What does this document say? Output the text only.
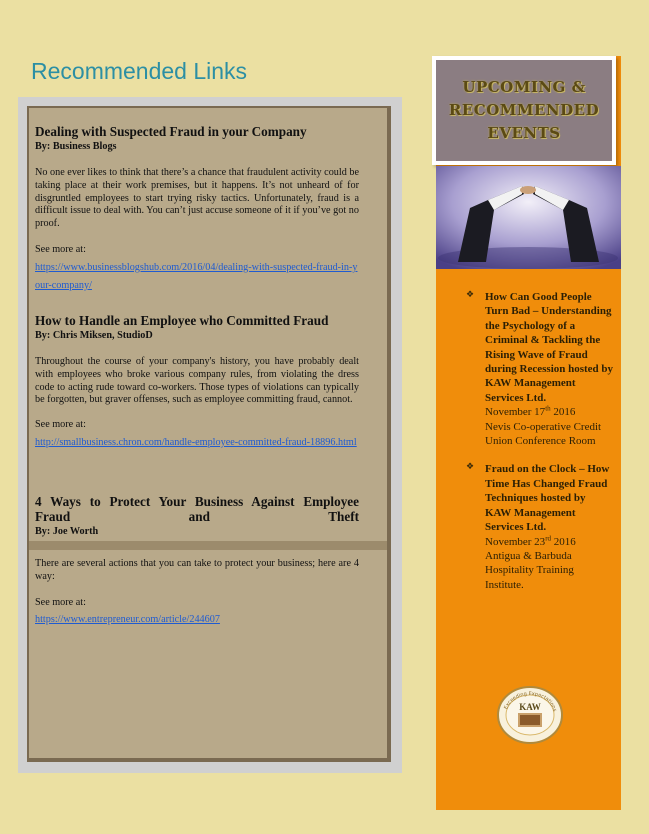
Recommended Links
Dealing with Suspected Fraud in your Company
By: Business Blogs
No one ever likes to think that there’s a chance that fraudulent activity could be taking place at their work premises, but it happens. It’s not unheard of for disgruntled employees to start trying risky tactics. Unfortunately, fraud is a difficult issue to deal with. You can’t just accuse someone of it if you’ve got no proof.
See more at:
https://www.businessblogshub.com/2016/04/dealing-with-suspected-fraud-in-your-company/
How to Handle an Employee who Committed Fraud
By: Chris Miksen, StudioD
Throughout the course of your company's history, you have probably dealt with employees who broke various company rules, from violating the dress code to acting rude toward co-workers. Those types of violations can typically be forgotten, but graver offenses, such as employee committing fraud, cannot.
See more at:
http://smallbusiness.chron.com/handle-employee-committed-fraud-18896.html
4 Ways to Protect Your Business Against Employee Fraud and Theft
By: Joe Worth
There are several actions that you can take to protect your business; here are 4 way:
See more at:
https://www.entrepreneur.com/article/244607
UPCOMING &
RECOMMENDED
EVENTS
❖ How Can Good People Turn Bad – Understanding the Psychology of a Criminal & Tackling the Rising Wave of Fraud during Recession hosted by KAW Management Services Ltd.
November 17th 2016
Nevis Co-operative Credit Union Conference Room
❖ Fraud on the Clock – How Time Has Changed Fraud Techniques hosted by KAW Management Services Ltd.
November 23rd 2016
Antigua & Barbuda Hospitality Training Institute.
Exceeding Expectations
KAW
